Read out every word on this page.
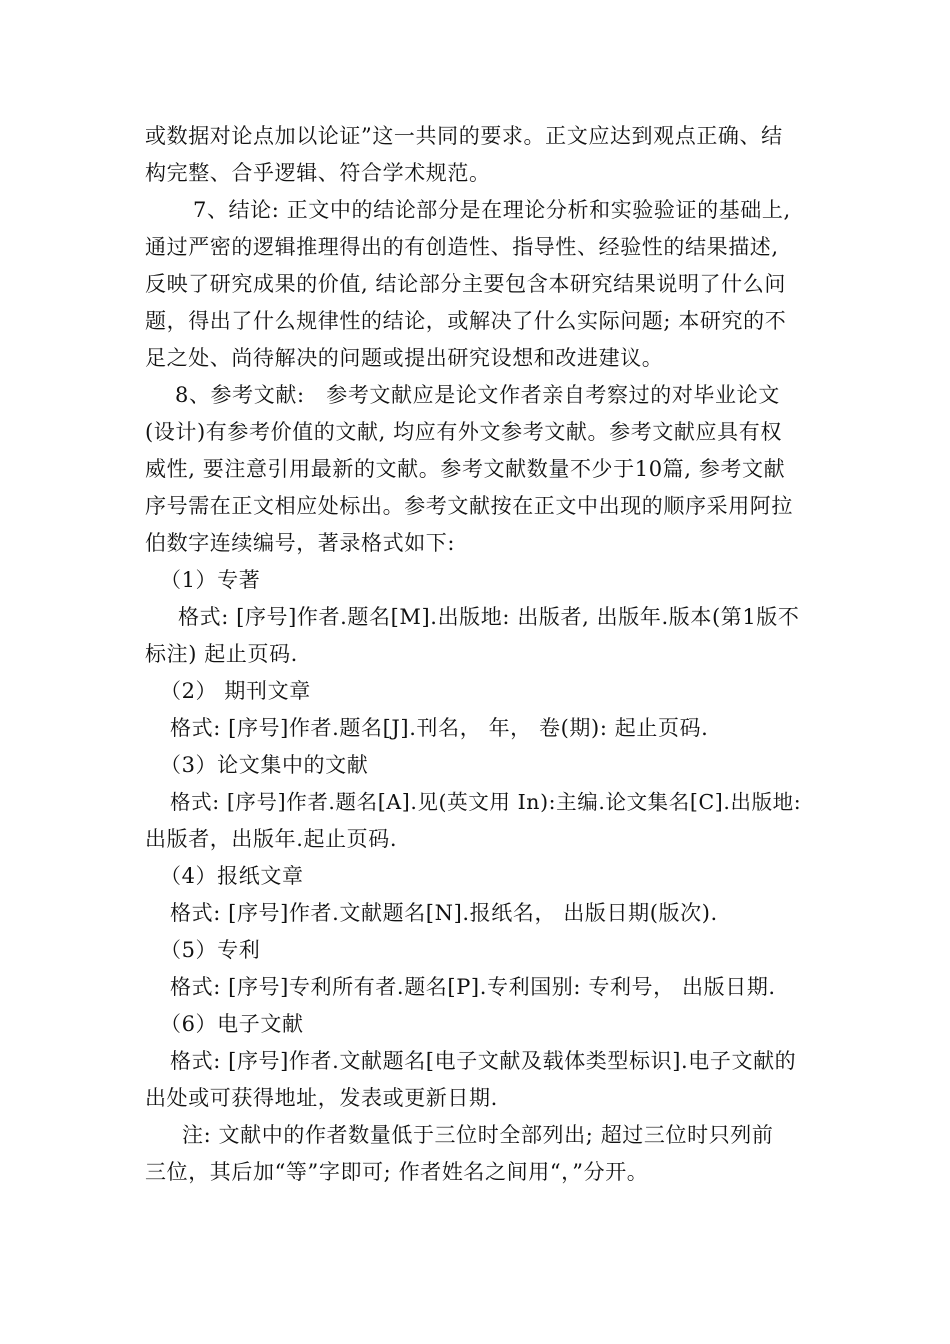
或数据对论点加以论证”这一共同的要求。正文应达到观点正确、结
构完整、合乎逻辑、符合学术规范。
7、结论: 正文中的结论部分是在理论分析和实验验证的基础上,
通过严密的逻辑推理得出的有创造性、指导性、经验性的结果描述,
反映了研究成果的价值, 结论部分主要包含本研究结果说明了什么问
题，得出了什么规律性的结论，或解决了什么实际问题; 本研究的不
足之处、尚待解决的问题或提出研究设想和改进建议。
8、参考文献:　参考文献应是论文作者亲自考察过的对毕业论文
(设计)有参考价值的文献, 均应有外文参考文献。参考文献应具有权
威性, 要注意引用最新的文献。参考文献数量不少于10篇, 参考文献
序号需在正文相应处标出。参考文献按在正文中出现的顺序采用阿拉
伯数字连续编号，著录格式如下:
（1）专著
格式: [序号]作者.题名[M].出版地: 出版者, 出版年.版本(第1版不
标注) 起止页码.
（2） 期刊文章
格式: [序号]作者.题名[J].刊名， 年， 卷(期): 起止页码.
（3）论文集中的文献
格式: [序号]作者.题名[A].见(英文用 In):主编.论文集名[C].出版地:
出版者，出版年.起止页码.
（4）报纸文章
格式: [序号]作者.文献题名[N].报纸名， 出版日期(版次).
（5）专利
格式: [序号]专利所有者.题名[P].专利国别: 专利号， 出版日期.
（6）电子文献
格式: [序号]作者.文献题名[电子文献及载体类型标识].电子文献的
出处或可获得地址，发表或更新日期.
注: 文献中的作者数量低于三位时全部列出; 超过三位时只列前
三位，其后加“等”字即可; 作者姓名之间用“，”分开。
